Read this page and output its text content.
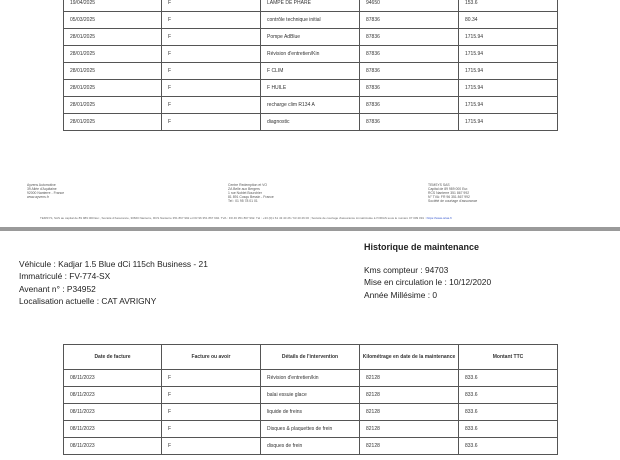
19/04/2025	F	LAMPE DE PHARE	94650	153.6
05/03/2025	F	contrôle technique initial	87836	80.34
28/01/2025	F	Pompe AdBlue	87836	1715.94
28/01/2025	F	Révision d'entretien/Kin	87836	1715.94
28/01/2025	F	F CLIM	87836	1715.94
28/01/2025	F	F HUILE	87836	1715.94
28/01/2025	F	recharge clim R134 A	87836	1715.94
28/01/2025	F	diagnostic	87836	1715.94
Ayvens Automotive
39 Allée d'Aquitaine
92000 Nanterre - France
www.ayvens.fr
Centre Redemption et VO
ZA Belle aux Bergers
1 rue Noblet Bourchier
81 891 Cosqu Bessin - France
Tel : 01 95 78 01 01
TEMSYS SAS
Capital de 89 989 000 Eur.
RCS Nanterre 351 867 992
N° TVA: FR 96 351 867 992
Société de courtage d'assurance
TEMSYS, SAS au capital de 89 989 000 Eur., Société d'Assurance, 30660 Nanterre, RCS Nanterre 351 867 992 et FR 96 351 867 992. TVA : FR 46 351 867 992. Tél : +33 (0)1 61 43 40 26 / 63 40 26 00 ; Société de courtage d'assurance immatriculée à l'ORIAS sous le numéro 07 009 091 : https://www.orias.fr
Véhicule : Kadjar 1.5 Blue dCi 115ch Business - 21
Immatriculé : FV-774-SX
Avenant n° : P34952
Localisation actuelle : CAT AVRIGNY
Historique de maintenance
Kms compteur : 94703
Mise en circulation le : 10/12/2020
Année Millésime : 0
Date de facture	Facture ou avoir	Détails de l'intervention	Kilométrage en date de la maintenance	Montant TTC
08/11/2023	F	Révision d'entretien/kin	82128	833.6
08/11/2023	F	balai essuie glace	82128	833.6
08/11/2023	F	liquide de freins	82128	833.6
08/11/2023	F	Disques & plaquettes de frein	82128	833.6
08/11/2023	F	disques de frein	82128	833.6
